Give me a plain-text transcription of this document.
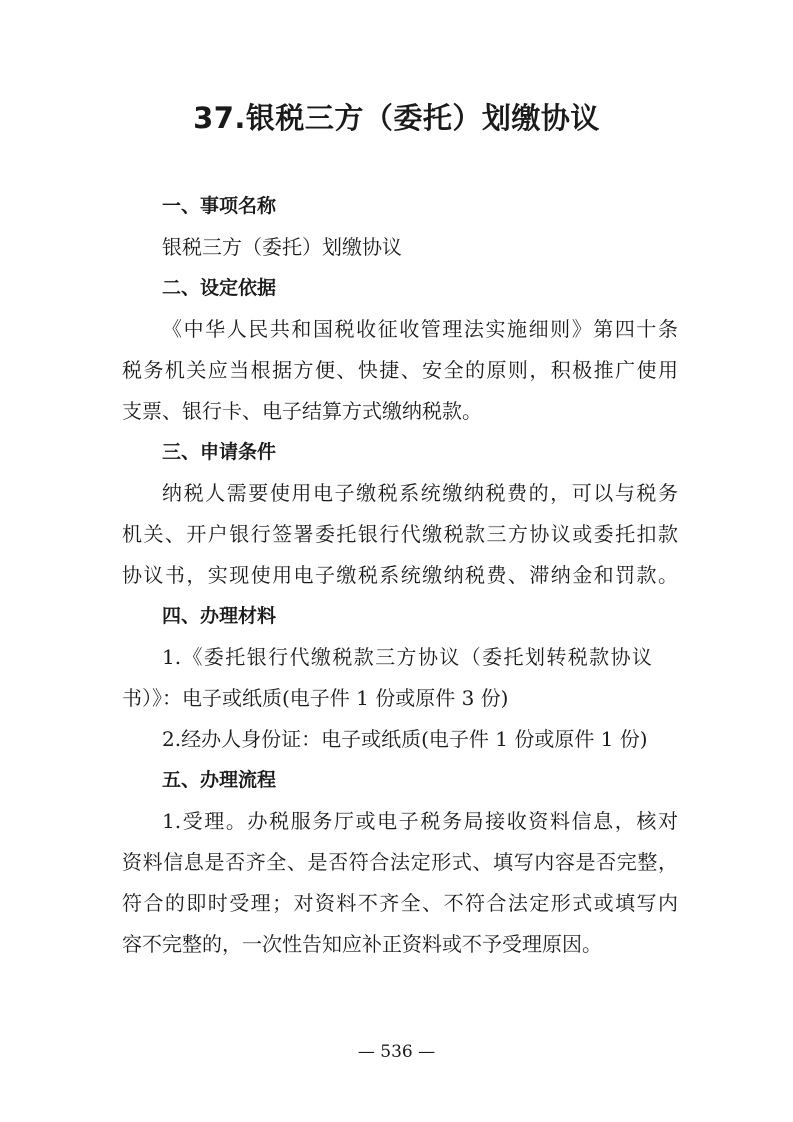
37.银税三方（委托）划缴协议
一、事项名称
银税三方（委托）划缴协议
二、设定依据
《中华人民共和国税收征收管理法实施细则》第四十条
税务机关应当根据方便、快捷、安全的原则，积极推广使用
支票、银行卡、电子结算方式缴纳税款。
三、申请条件
纳税人需要使用电子缴税系统缴纳税费的，可以与税务
机关、开户银行签署委托银行代缴税款三方协议或委托扣款
协议书，实现使用电子缴税系统缴纳税费、滞纳金和罚款。
四、办理材料
1.《委托银行代缴税款三方协议（委托划转税款协议
书）》：电子或纸质(电子件 1 份或原件 3 份)
2.经办人身份证：电子或纸质(电子件 1 份或原件 1 份)
五、办理流程
1.受理。办税服务厅或电子税务局接收资料信息，核对
资料信息是否齐全、是否符合法定形式、填写内容是否完整，
符合的即时受理；对资料不齐全、不符合法定形式或填写内
容不完整的，一次性告知应补正资料或不予受理原因。
— 536 —
